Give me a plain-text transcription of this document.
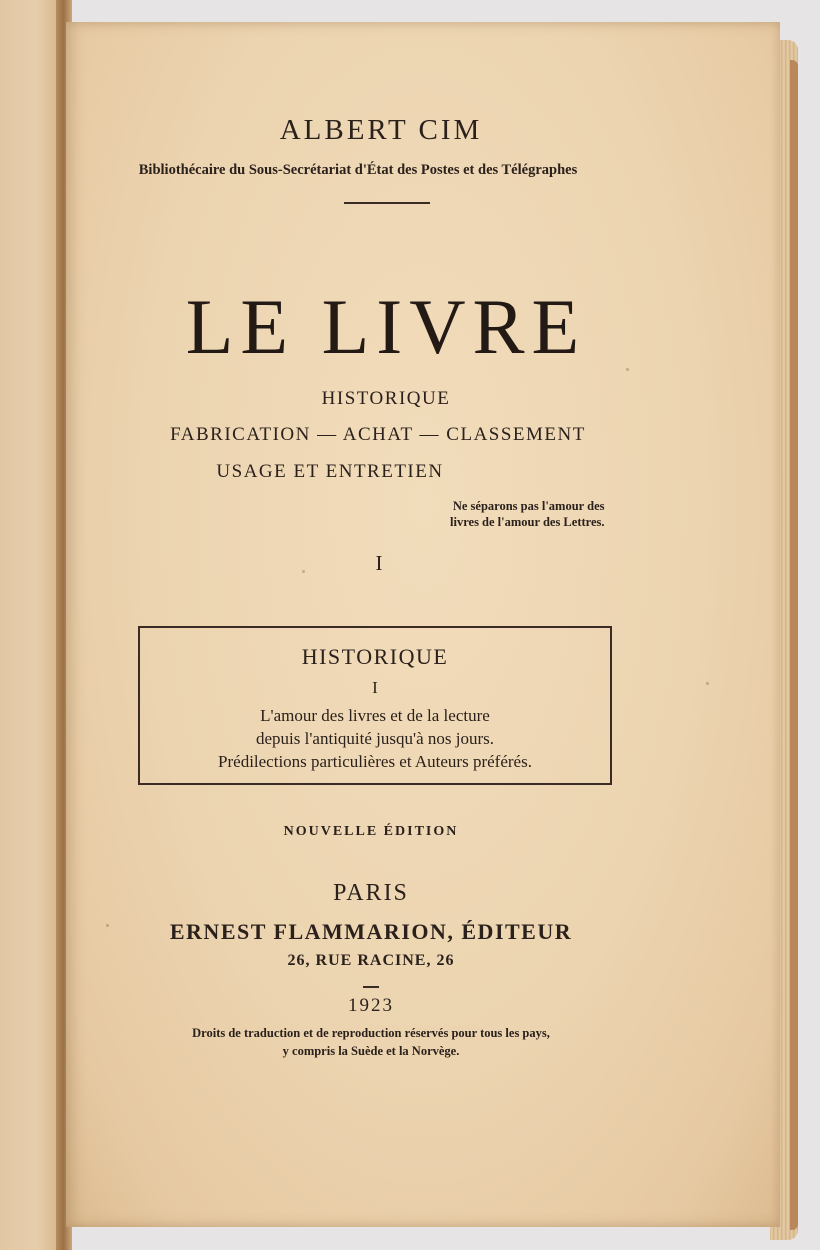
ALBERT CIM
Bibliothécaire du Sous-Secrétariat d'État des Postes et des Télégraphes
LE LIVRE
HISTORIQUE
FABRICATION — ACHAT — CLASSEMENT
USAGE ET ENTRETIEN
Ne séparons pas l'amour des
livres de l'amour des Lettres.
I
HISTORIQUE
I
L'amour des livres et de la lecture
depuis l'antiquité jusqu'à nos jours.
Prédilections particulières et Auteurs préférés.
NOUVELLE ÉDITION
PARIS
ERNEST FLAMMARION, ÉDITEUR
26, RUE RACINE, 26
1923
Droits de traduction et de reproduction réservés pour tous les pays,
y compris la Suède et la Norvège.
